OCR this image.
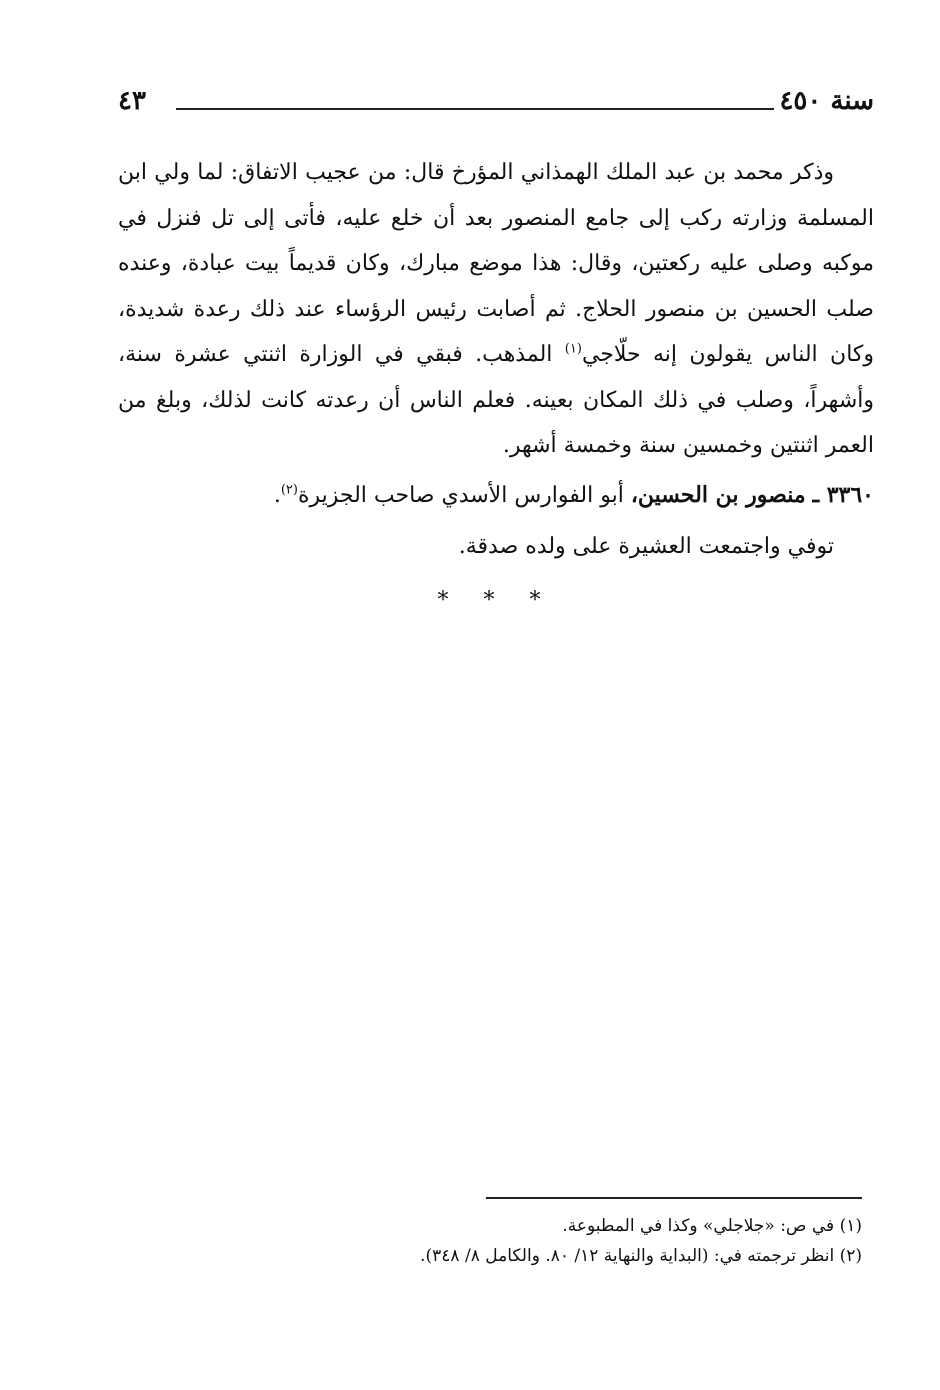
٤٣	سنة ٤٥٠

وذكر محمد بن عبد الملك الهمذاني المؤرخ قال: من عجيب الاتفاق: لما ولي ابن المسلمة وزارته ركب إلى جامع المنصور بعد أن خلع عليه، فأتى إلى تل فنزل في موكبه وصلى عليه ركعتين، وقال: هذا موضع مبارك، وكان قديماً بيت عبادة، وعنده صلب الحسين بن منصور الحلاج. ثم أصابت رئيس الرؤساء عند ذلك رعدة شديدة، وكان الناس يقولون إنه حلّاجي$^{(١)}$ المذهب. فبقي في الوزارة اثنتي عشرة سنة، وأشهراً، وصلب في ذلك المكان بعينه. فعلم الناس أن رعدته كانت لذلك، وبلغ من العمر اثنتين وخمسين سنة وخمسة أشهر.

٣٣٦٠ ـ منصور بن الحسين، أبو الفوارس الأسدي صاحب الجزيرة$^{(٢)}$.

توفي واجتمعت العشيرة على ولده صدقة.

* * *

(١) في ص: «جلاجلي» وكذا في المطبوعة.

(٢) انظر ترجمته في: (البداية والنهاية ١٢/ ٨٠. والكامل ٨/ ٣٤٨).
